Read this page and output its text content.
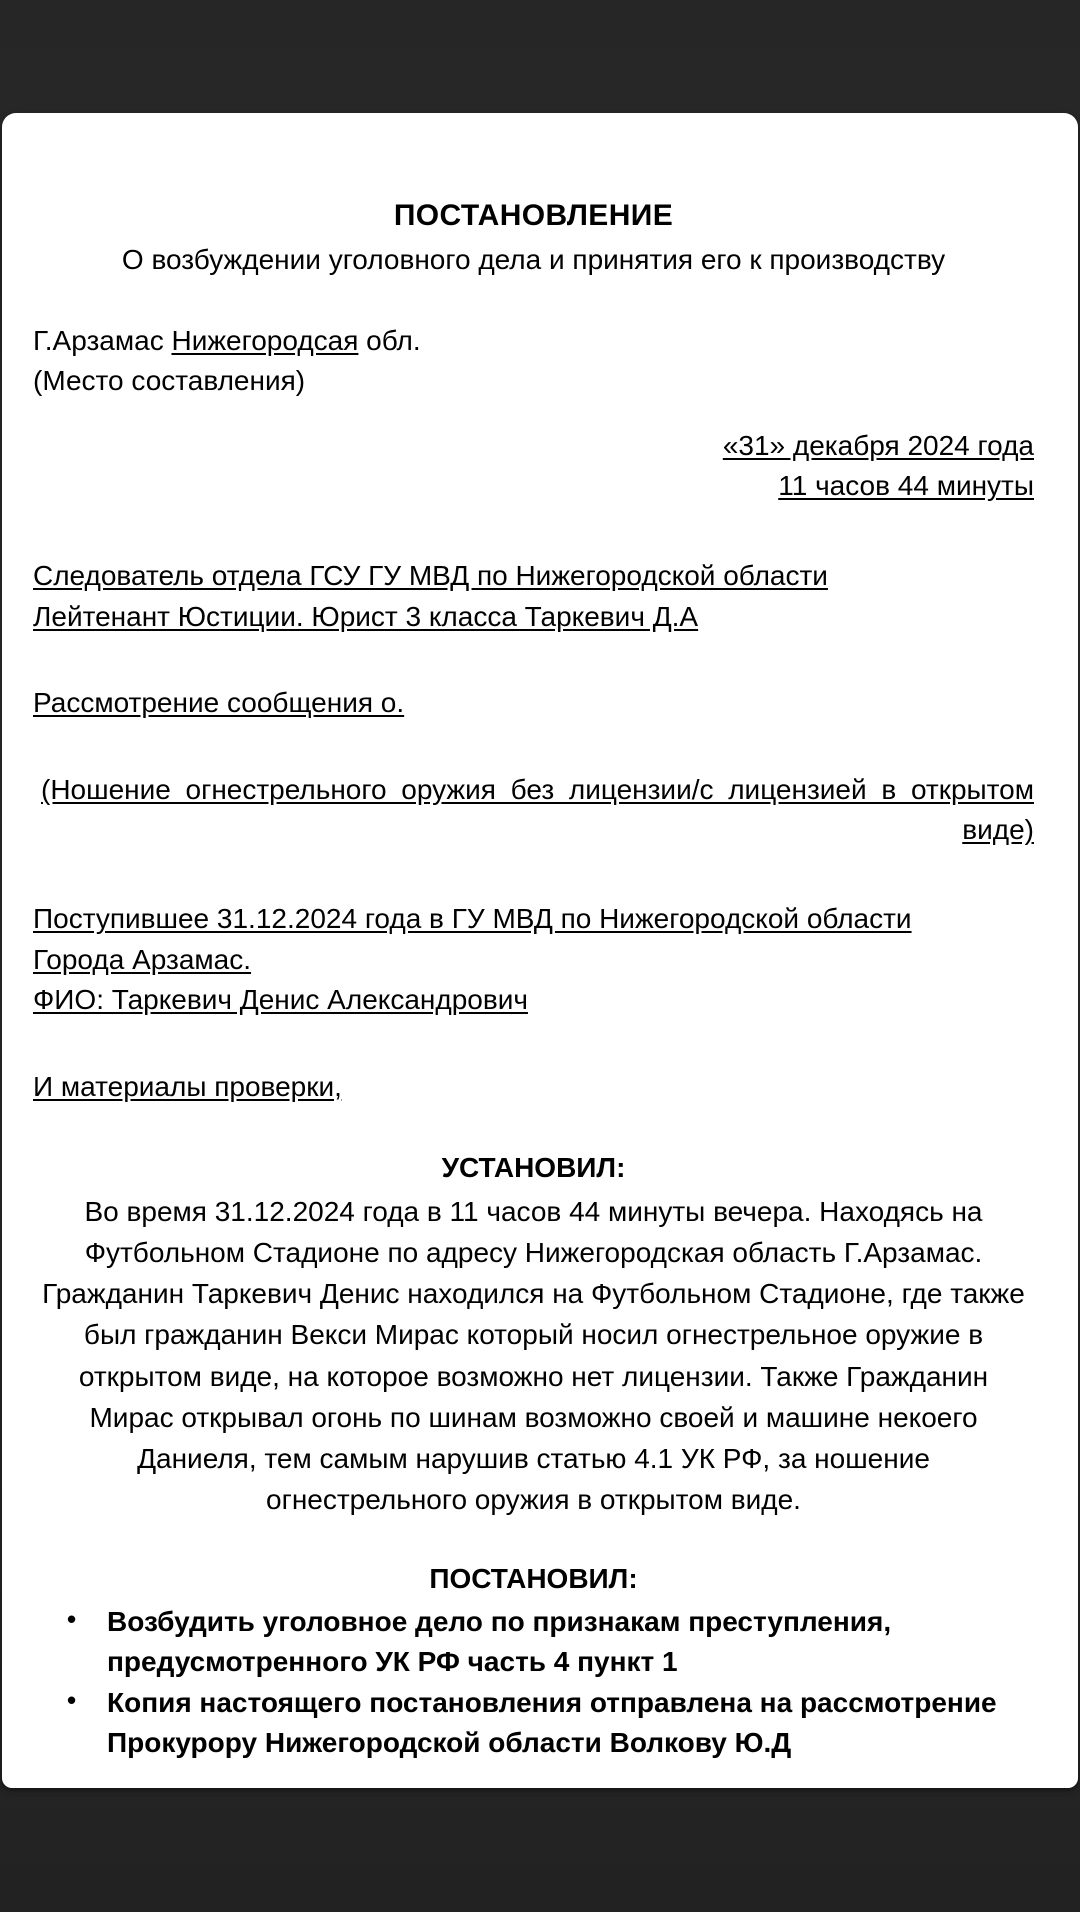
ПОСТАНОВЛЕНИЕ
О возбуждении уголовного дела и принятия его к производству
Г.Арзамас Нижегородсая обл.
(Место составления)
«31» декабря 2024 года
11 часов 44 минуты
Следователь отдела ГСУ ГУ МВД по Нижегородской области
Лейтенант Юстиции. Юрист 3 класса Таркевич Д.А
Рассмотрение сообщения о.
(Ношение огнестрельного оружия без лицензии/с лицензией в открытом виде)
Поступившее 31.12.2024 года в ГУ МВД по Нижегородской области
Города Арзамас.
ФИО: Таркевич Денис Александрович
И материалы проверки,
УСТАНОВИЛ:
Во время 31.12.2024 года в 11 часов 44 минуты вечера. Находясь на Футбольном Стадионе по адресу Нижегородская область Г.Арзамас. Гражданин Таркевич Денис находился на Футбольном Стадионе, где также был гражданин Векси Мирас который носил огнестрельное оружие в открытом виде, на которое возможно нет лицензии. Также Гражданин Мирас открывал огонь по шинам возможно своей и машине некоего Даниеля, тем самым нарушив статью 4.1 УК РФ, за ношение огнестрельного оружия в открытом виде.
ПОСТАНОВИЛ:
• Возбудить уголовное дело по признакам преступления, предусмотренного УК РФ часть 4 пункт 1
• Копия настоящего постановления отправлена на рассмотрение Прокурору Нижегородской области Волкову Ю.Д
